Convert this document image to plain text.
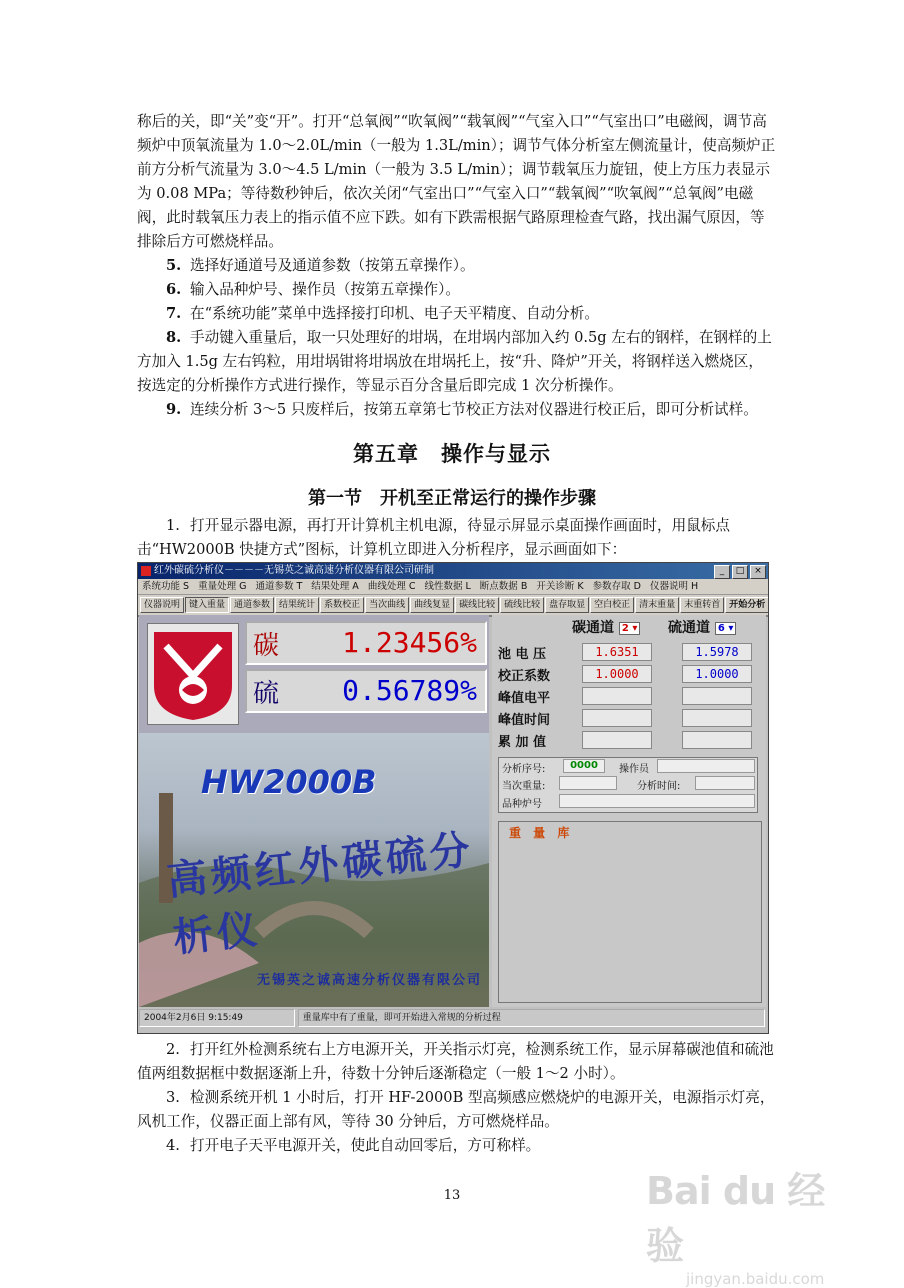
称后的关，即“关”变“开”。打开“总氧阀”“吹氧阀”“载氧阀”“气室入口”“气室出口”电磁阀，调节高频炉中顶氧流量为 1.0～2.0L/min（一般为 1.3L/min）；调节气体分析室左侧流量计，使高频炉正前方分析气流量为 3.0～4.5 L/min（一般为 3.5 L/min）；调节载氧压力旋钮，使上方压力表显示为 0.08 MPa；等待数秒钟后，依次关闭“气室出口”“气室入口”“载氧阀”“吹氧阀”“总氧阀”电磁阀，此时载氧压力表上的指示值不应下跌。如有下跌需根据气路原理检查气路，找出漏气原因，等排除后方可燃烧样品。

5. 选择好通道号及通道参数（按第五章操作）。

6. 输入品种炉号、操作员（按第五章操作）。

7. 在“系统功能”菜单中选择接打印机、电子天平精度、自动分析。

8. 手动键入重量后，取一只处理好的坩埚，在坩埚内部加入约 0.5g 左右的钢样，在钢样的上方加入 1.5g 左右钨粒，用坩埚钳将坩埚放在坩埚托上，按“升、降炉”开关，将钢样送入燃烧区，按选定的分析操作方式进行操作，等显示百分含量后即完成 1 次分析操作。

9. 连续分析 3～5 只废样后，按第五章第七节校正方法对仪器进行校正后，即可分析试样。

第五章　操作与显示
第一节　开机至正常运行的操作步骤

1. 打开显示器电源，再打开计算机主机电源，待显示屏显示桌面操作画面时，用鼠标点击“HW2000B 快捷方式”图标，计算机立即进入分析程序，显示画面如下：

红外碳硫分析仪－－－－无锡英之诚高速分析仪器有限公司研制	_	□	×
系统功能 S 重量处理 G 通道参数 T 结果处理 A 曲线处理 C 线性数据 L 断点数据 B 开关诊断 K 参数存取 D 仪器说明 H
仪器说明	键入重量	通道参数	结果统计	系数校正	当次曲线	曲线复显	碳线比较	硫线比较	盘存取显	空白校正	清末重量	末重转首	开始分析
碳 1.23456%
硫 0.56789%
HW2000B
高频红外碳硫分析仪
无锡英之诚高速分析仪器有限公司
碳通道 2 ▾ 硫通道 6 ▾
池 电 压	1.6351	1.5978
校正系数	1.0000	1.0000
峰值电平
峰值时间
累 加 值
分析序号:	0000	操作员
当次重量:	分析时间:
品种炉号
重 量 库
2004年2月6日 9:15:49	重量库中有了重量，即可开始进入常规的分析过程

2. 打开红外检测系统右上方电源开关，开关指示灯亮，检测系统工作，显示屏幕碳池值和硫池值两组数据框中数据逐渐上升，待数十分钟后逐渐稳定（一般 1～2 小时）。

3. 检测系统开机 1 小时后，打开 HF-2000B 型高频感应燃烧炉的电源开关，电源指示灯亮，风机工作，仪器正面上部有风，等待 30 分钟后，方可燃烧样品。

4. 打开电子天平电源开关，使此自动回零后，方可称样。

13	Bai du 经验
jingyan.baidu.com
